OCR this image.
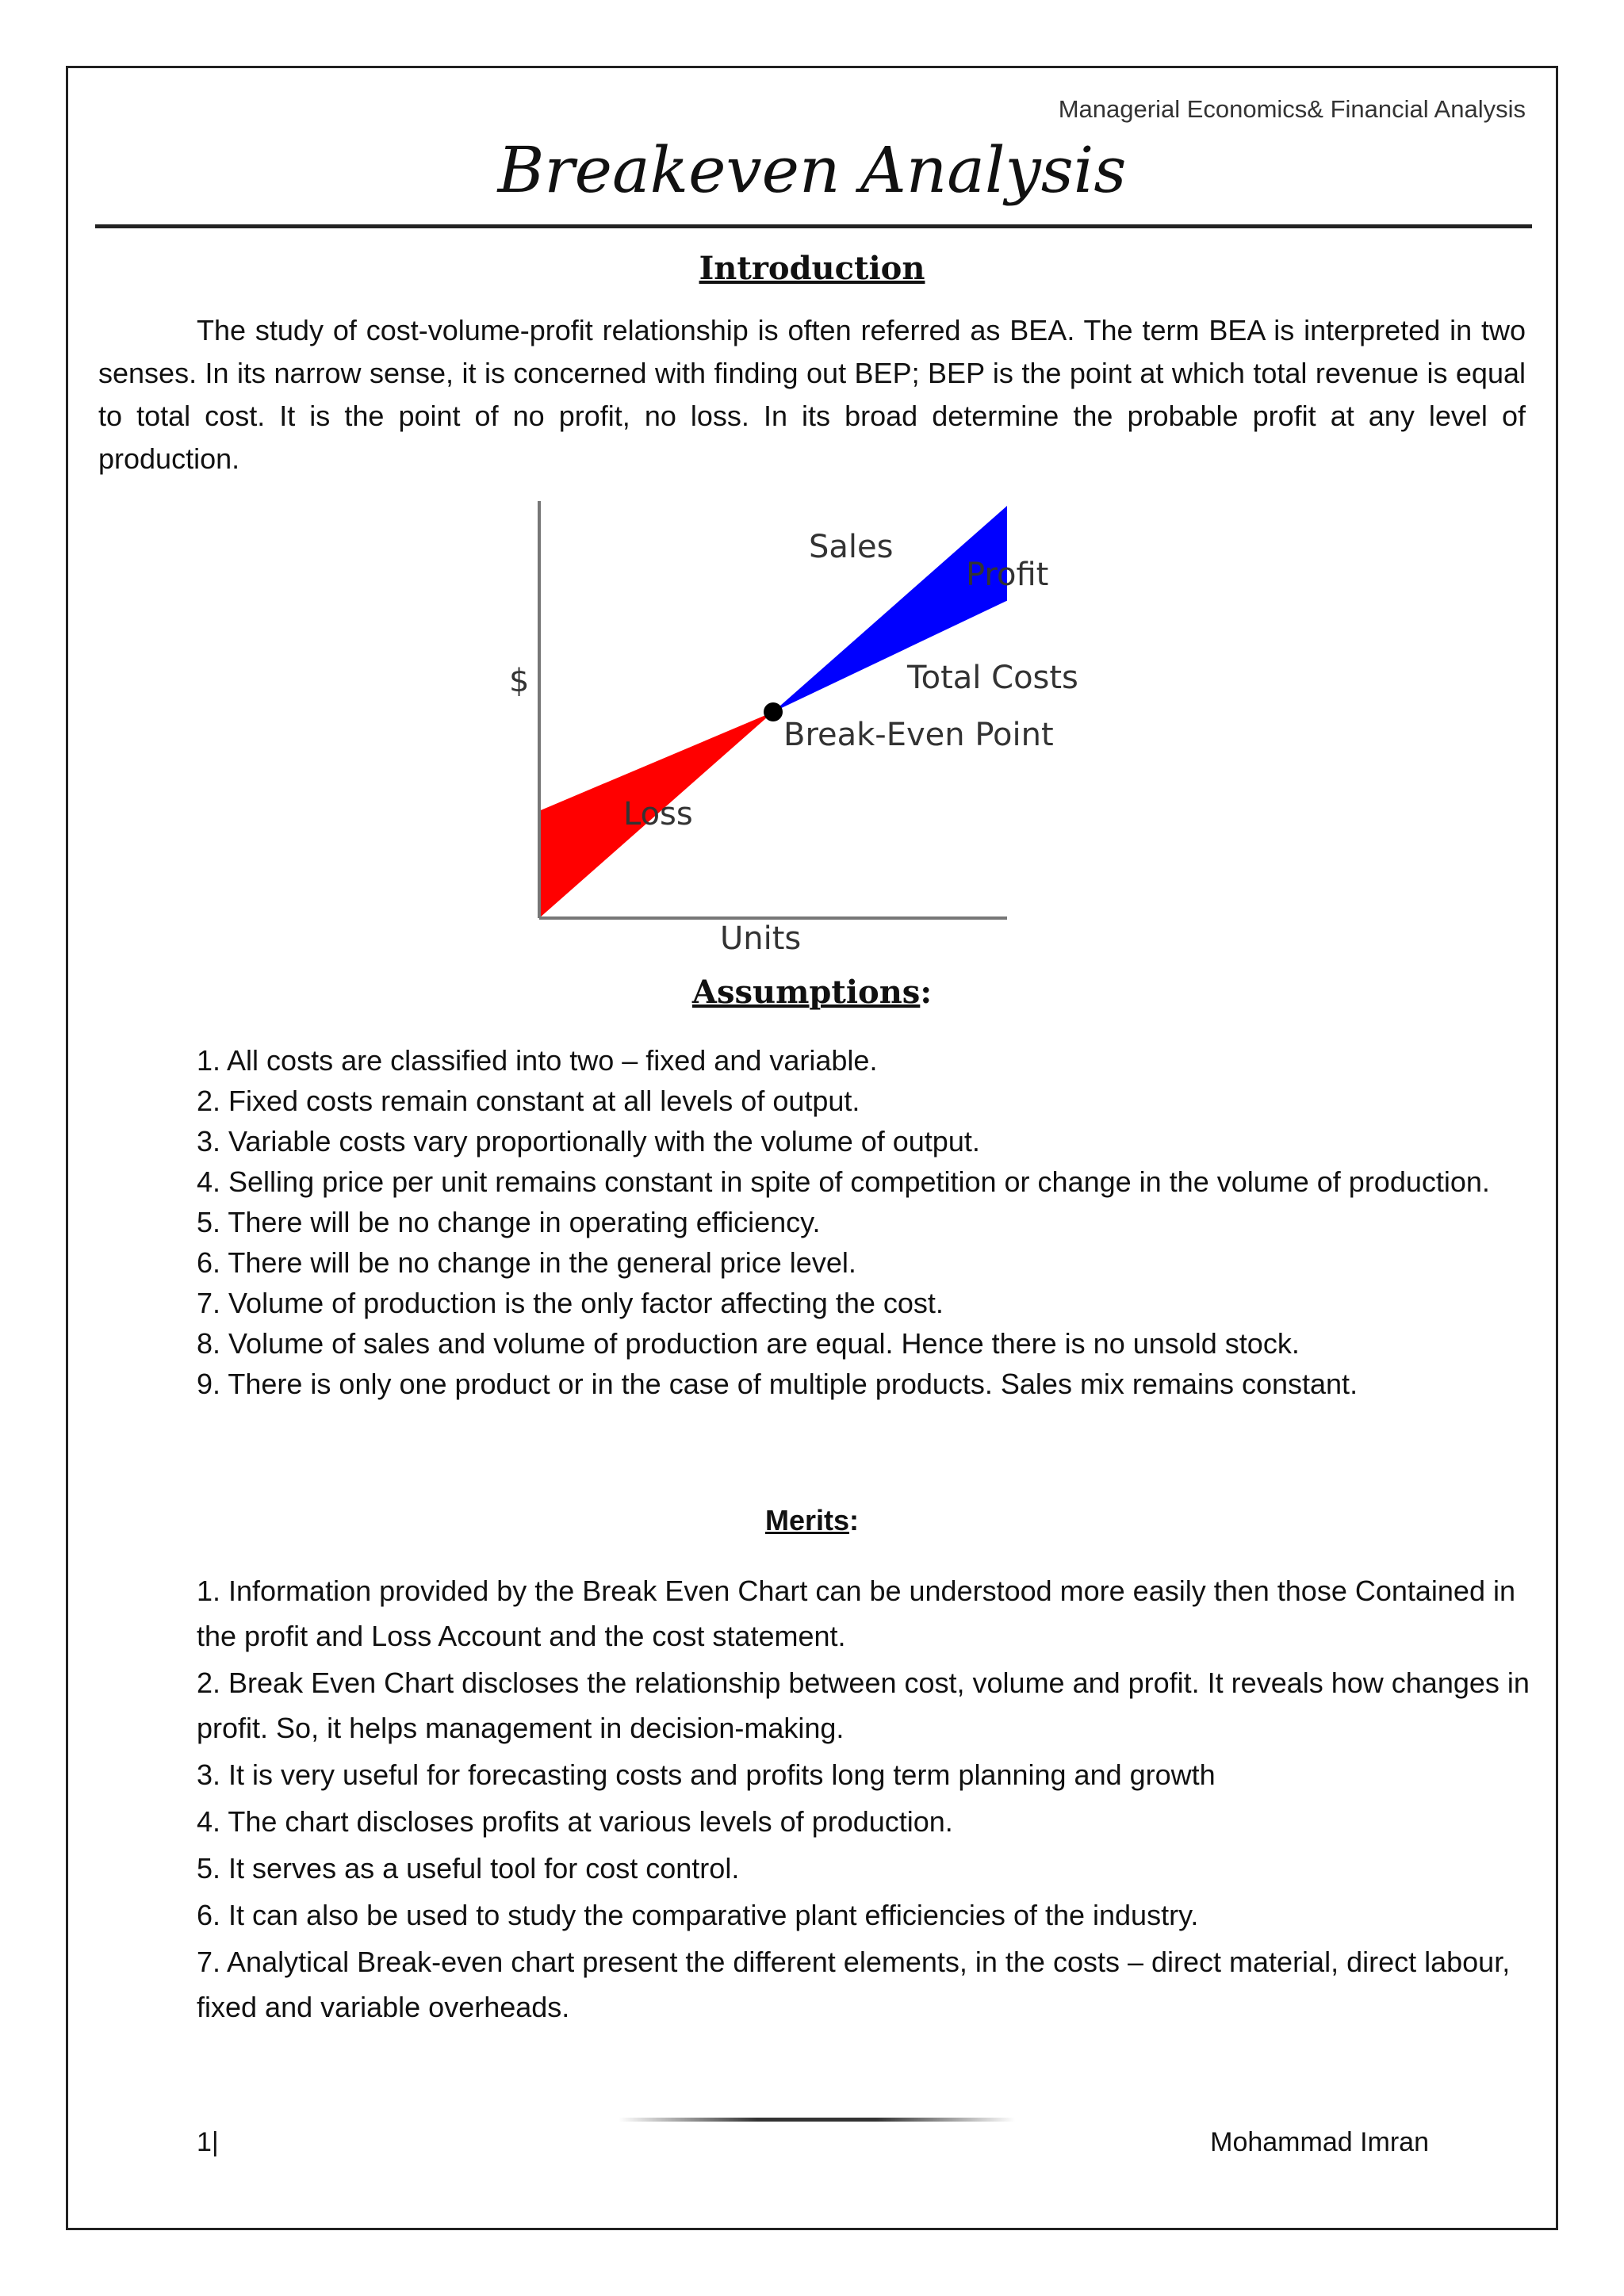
Managerial Economics& Financial Analysis
Breakeven Analysis
Introduction
The study of cost-volume-profit relationship is often referred as BEA. The term BEA is interpreted in two senses. In its narrow sense, it is concerned with finding out BEP; BEP is the point at which total revenue is equal to total cost. It is the point of no profit, no loss. In its broad determine the probable profit at any level of production.
$
Units
Sales
Profit
Total Costs
Break-Even Point
Loss
Assumptions:
1. All costs are classified into two – fixed and variable.
2. Fixed costs remain constant at all levels of output.
3. Variable costs vary proportionally with the volume of output.
4. Selling price per unit remains constant in spite of competition or change in the volume of production.
5. There will be no change in operating efficiency.
6. There will be no change in the general price level.
7. Volume of production is the only factor affecting the cost.
8. Volume of sales and volume of production are equal. Hence there is no unsold stock.
9. There is only one product or in the case of multiple products. Sales mix remains constant.
Merits:
1. Information provided by the Break Even Chart can be understood more easily then those Contained in the profit and Loss Account and the cost statement.
2. Break Even Chart discloses the relationship between cost, volume and profit. It reveals how changes in profit. So, it helps management in decision-making.
3. It is very useful for forecasting costs and profits long term planning and growth
4. The chart discloses profits at various levels of production.
5. It serves as a useful tool for cost control.
6. It can also be used to study the comparative plant efficiencies of the industry.
7. Analytical Break-even chart present the different elements, in the costs – direct material, direct labour, fixed and variable overheads.
1|	Mohammad Imran
